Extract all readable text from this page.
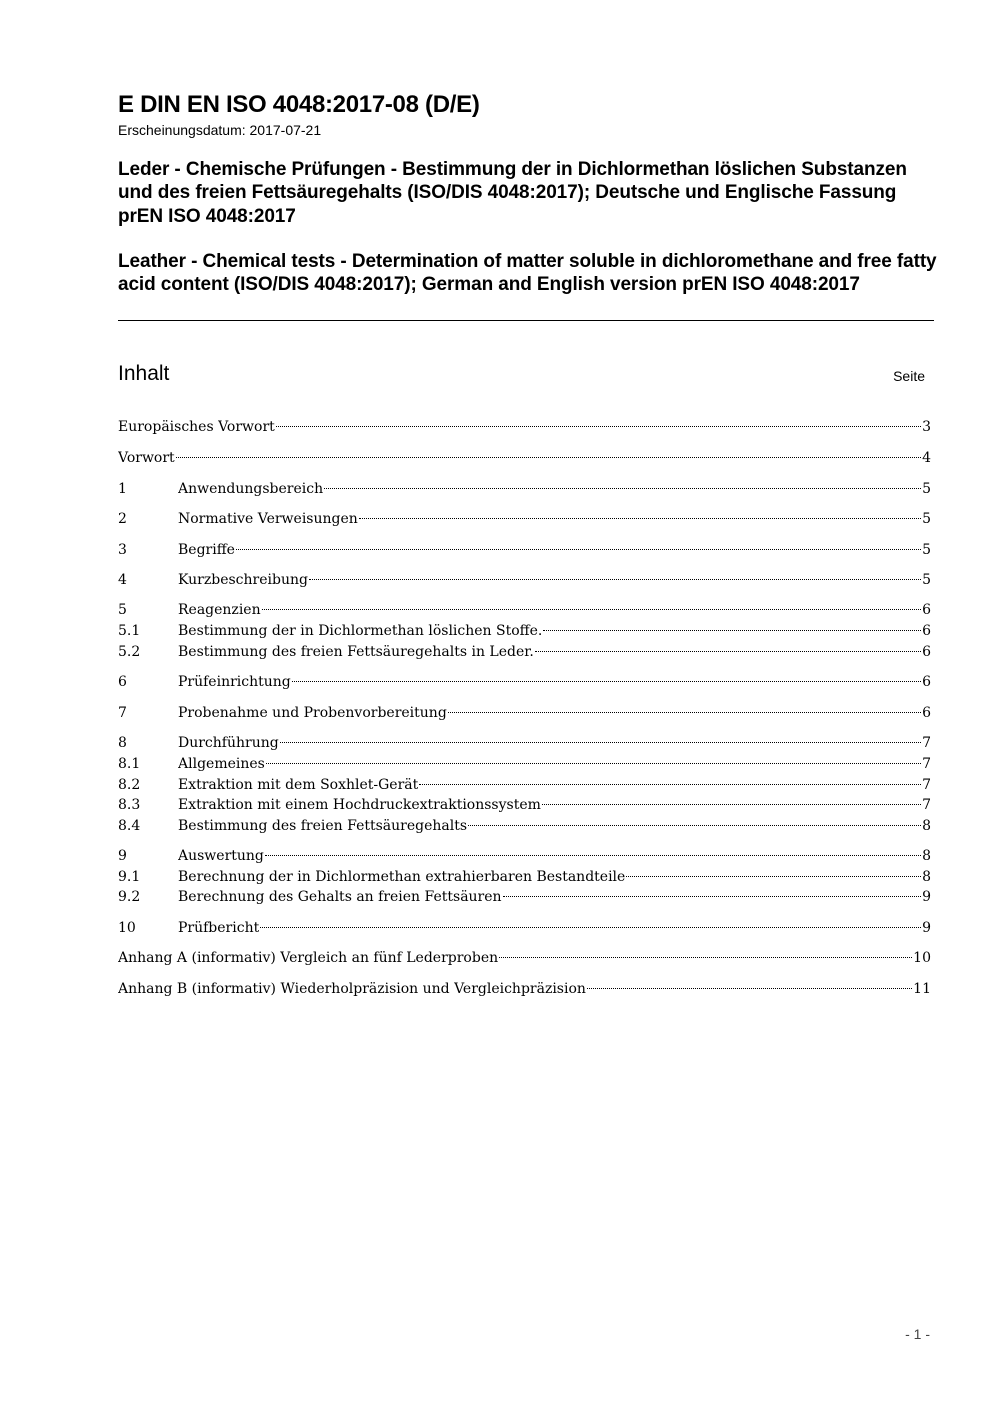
E DIN EN ISO 4048:2017-08 (D/E)
Erscheinungsdatum: 2017-07-21
Leder - Chemische Prüfungen - Bestimmung der in Dichlormethan löslichen Substanzen und des freien Fettsäuregehalts (ISO/DIS 4048:2017); Deutsche und Englische Fassung prEN ISO 4048:2017
Leather - Chemical tests - Determination of matter soluble in dichloromethane and free fatty acid content (ISO/DIS 4048:2017); German and English version prEN ISO 4048:2017
Inhalt	Seite
Europäisches Vorwort	3
Vorwort	4
1	Anwendungsbereich	5
2	Normative Verweisungen	5
3	Begriffe	5
4	Kurzbeschreibung	5
5	Reagenzien	6
5.1	Bestimmung der in Dichlormethan löslichen Stoffe.	6
5.2	Bestimmung des freien Fettsäuregehalts in Leder.	6
6	Prüfeinrichtung	6
7	Probenahme und Probenvorbereitung	6
8	Durchführung	7
8.1	Allgemeines	7
8.2	Extraktion mit dem Soxhlet-Gerät	7
8.3	Extraktion mit einem Hochdruckextraktionssystem	7
8.4	Bestimmung des freien Fettsäuregehalts	8
9	Auswertung	8
9.1	Berechnung der in Dichlormethan extrahierbaren Bestandteile	8
9.2	Berechnung des Gehalts an freien Fettsäuren	9
10	Prüfbericht	9
Anhang A (informativ) Vergleich an fünf Lederproben	10
Anhang B (informativ) Wiederholpräzision und Vergleichpräzision	11
- 1 -
